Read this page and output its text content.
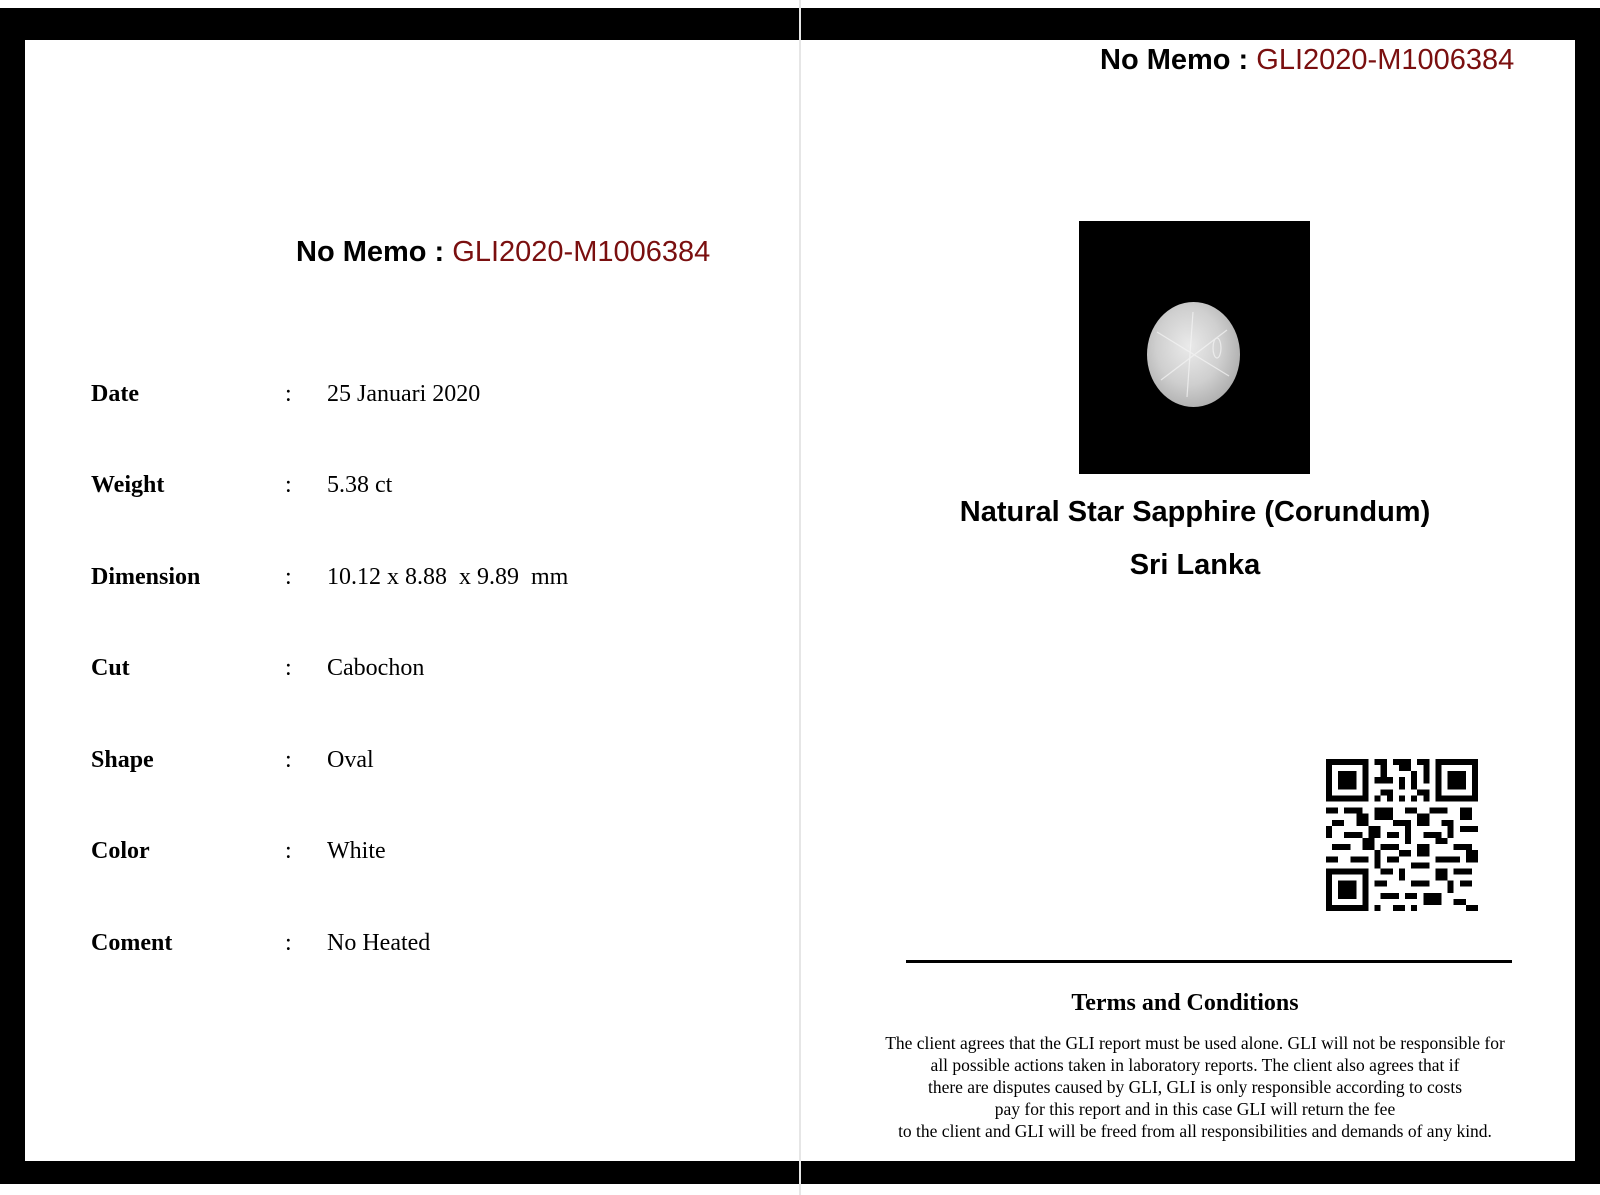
No Memo : GLI2020-M1006384
Date	: 25 Januari 2020
Weight	: 5.38 ct
Dimension	: 10.12 x 8.88  x 9.89  mm
Cut	: Cabochon
Shape	: Oval
Color	: White
Coment	: No Heated
No Memo : GLI2020-M1006384
Natural Star Sapphire (Corundum)
Sri Lanka
Terms and Conditions
The client agrees that the GLI report must be used alone. GLI will not be responsible for
all possible actions taken in laboratory reports. The client also agrees that if
there are disputes caused by GLI, GLI is only responsible according to costs
pay for this report and in this case GLI will return the fee
to the client and GLI will be freed from all responsibilities and demands of any kind.
